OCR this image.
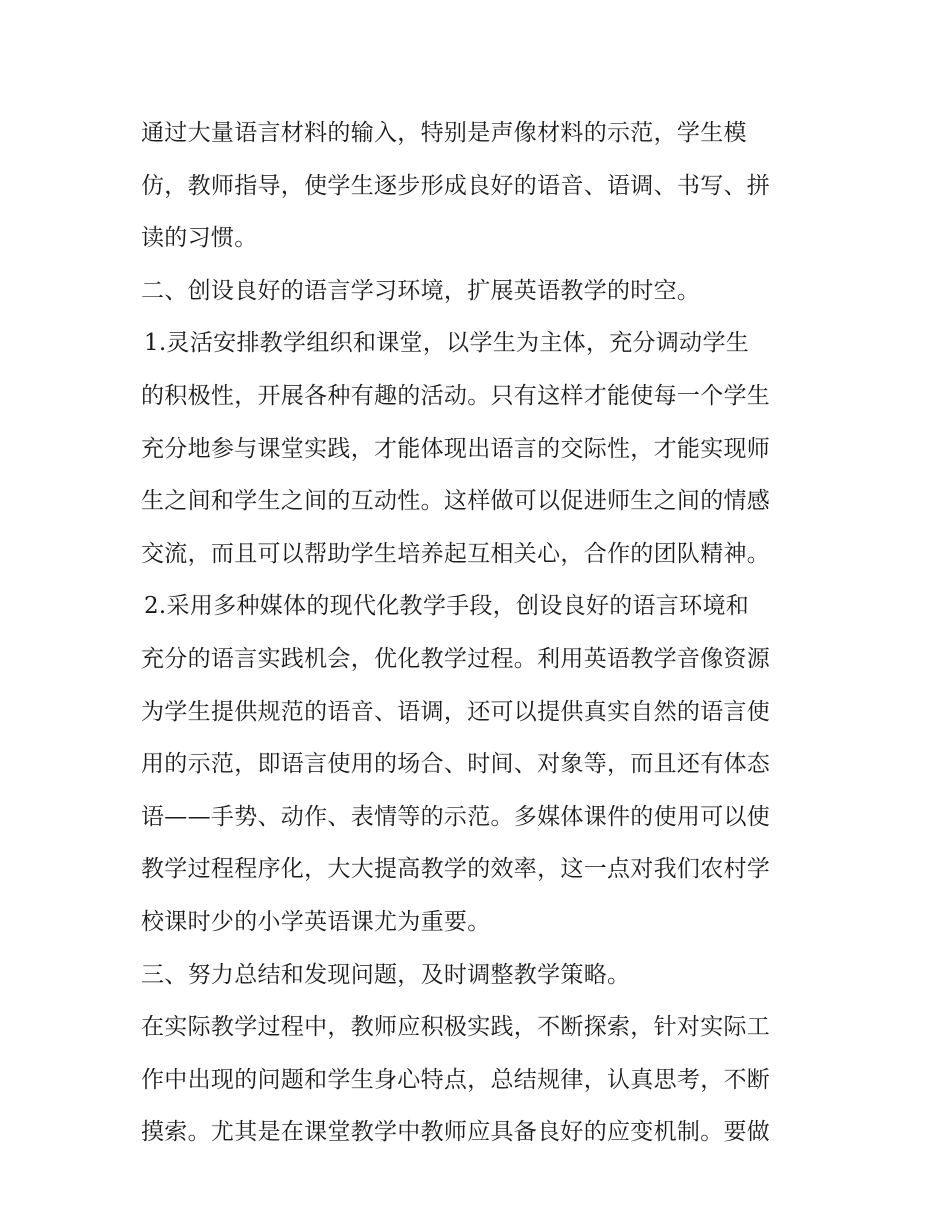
通过大量语言材料的输入，特别是声像材料的示范，学生模
仿，教师指导，使学生逐步形成良好的语音、语调、书写、拼
读的习惯。
二、创设良好的语言学习环境，扩展英语教学的时空。
1.灵活安排教学组织和课堂，以学生为主体，充分调动学生
的积极性，开展各种有趣的活动。只有这样才能使每一个学生
充分地参与课堂实践，才能体现出语言的交际性，才能实现师
生之间和学生之间的互动性。这样做可以促进师生之间的情感
交流，而且可以帮助学生培养起互相关心，合作的团队精神。
2.采用多种媒体的现代化教学手段，创设良好的语言环境和
充分的语言实践机会，优化教学过程。利用英语教学音像资源
为学生提供规范的语音、语调，还可以提供真实自然的语言使
用的示范，即语言使用的场合、时间、对象等，而且还有体态
语——手势、动作、表情等的示范。多媒体课件的使用可以使
教学过程程序化，大大提高教学的效率，这一点对我们农村学
校课时少的小学英语课尤为重要。
三、努力总结和发现问题，及时调整教学策略。
在实际教学过程中，教师应积极实践，不断探索，针对实际工
作中出现的问题和学生身心特点，总结规律，认真思考，不断
摸索。尤其是在课堂教学中教师应具备良好的应变机制。要做
